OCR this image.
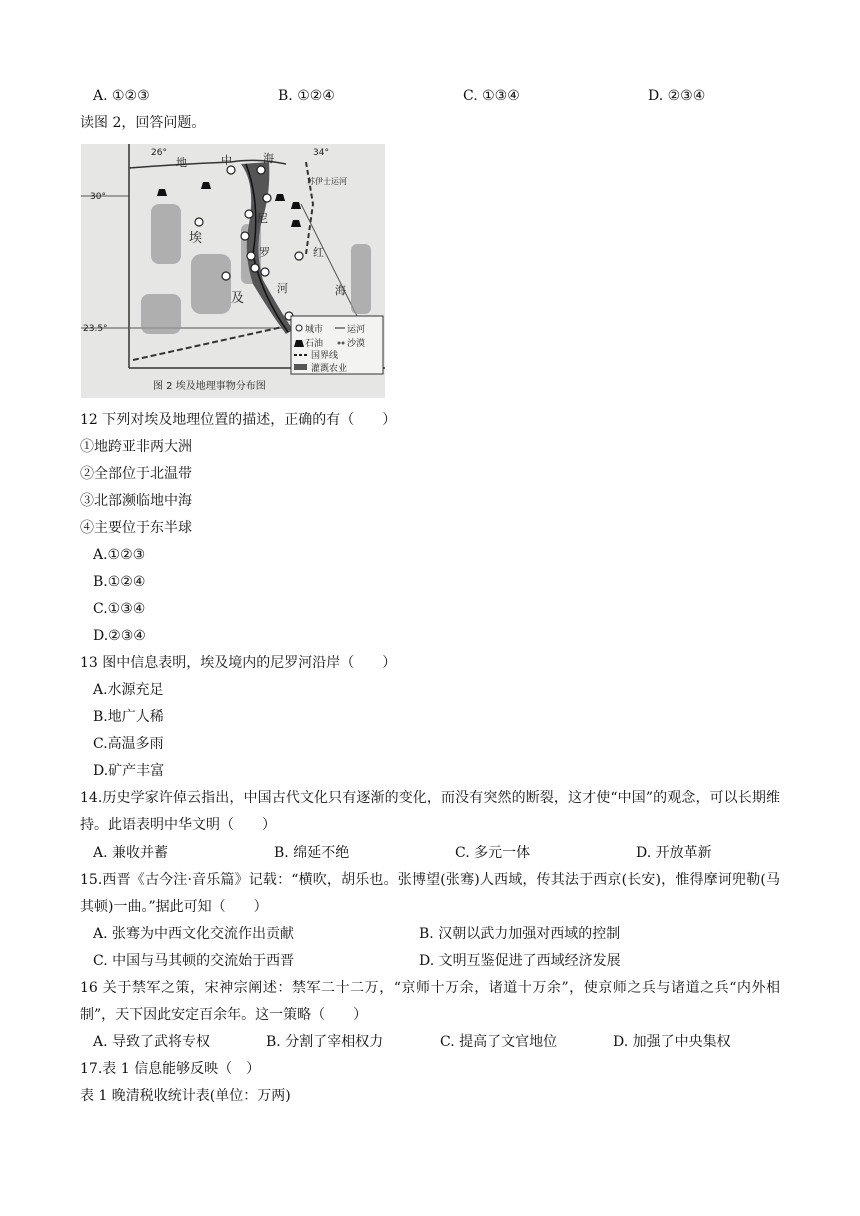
A. ①②③	B. ①②④	C. ①③④	D. ②③④
读图 2，回答问题。
26°	34°
30°
23.5°
地	中	海
埃
及
尼
罗
河
红
海
苏伊士运河
城市	运河
石油	沙漠
国界线
灌溉农业
图 2 埃及地理事物分布图
12 下列对埃及地理位置的描述，正确的有（　　）
①地跨亚非两大洲
②全部位于北温带
③北部濒临地中海
④主要位于东半球
A.①②③
B.①②④
C.①③④
D.②③④
13 图中信息表明，埃及境内的尼罗河沿岸（　　）
A.水源充足
B.地广人稀
C.高温多雨
D.矿产丰富
14.历史学家许倬云指出，中国古代文化只有逐渐的变化，而没有突然的断裂，这才使“中国”的观念，可以长期维持。此语表明中华文明（　　）
A. 兼收并蓄	B. 绵延不绝	C. 多元一体	D. 开放革新
15.西晋《古今注·音乐篇》记载：“横吹，胡乐也。张博望(张骞)人西域，传其法于西京(长安)，惟得摩诃兜勒(马其顿)一曲。”据此可知（　　）
A. 张骞为中西文化交流作出贡献	B. 汉朝以武力加强对西域的控制
C. 中国与马其顿的交流始于西晋	D. 文明互鉴促进了西域经济发展
16 关于禁军之策，宋神宗阐述：禁军二十二万，“京师十万余，诸道十万余”，使京师之兵与诸道之兵“内外相制”，天下因此安定百余年。这一策略（　　）
A. 导致了武将专权	B. 分割了宰相权力	C. 提高了文官地位	D. 加强了中央集权
17.表 1 信息能够反映（　）
表 1 晚清税收统计表(单位：万两)
